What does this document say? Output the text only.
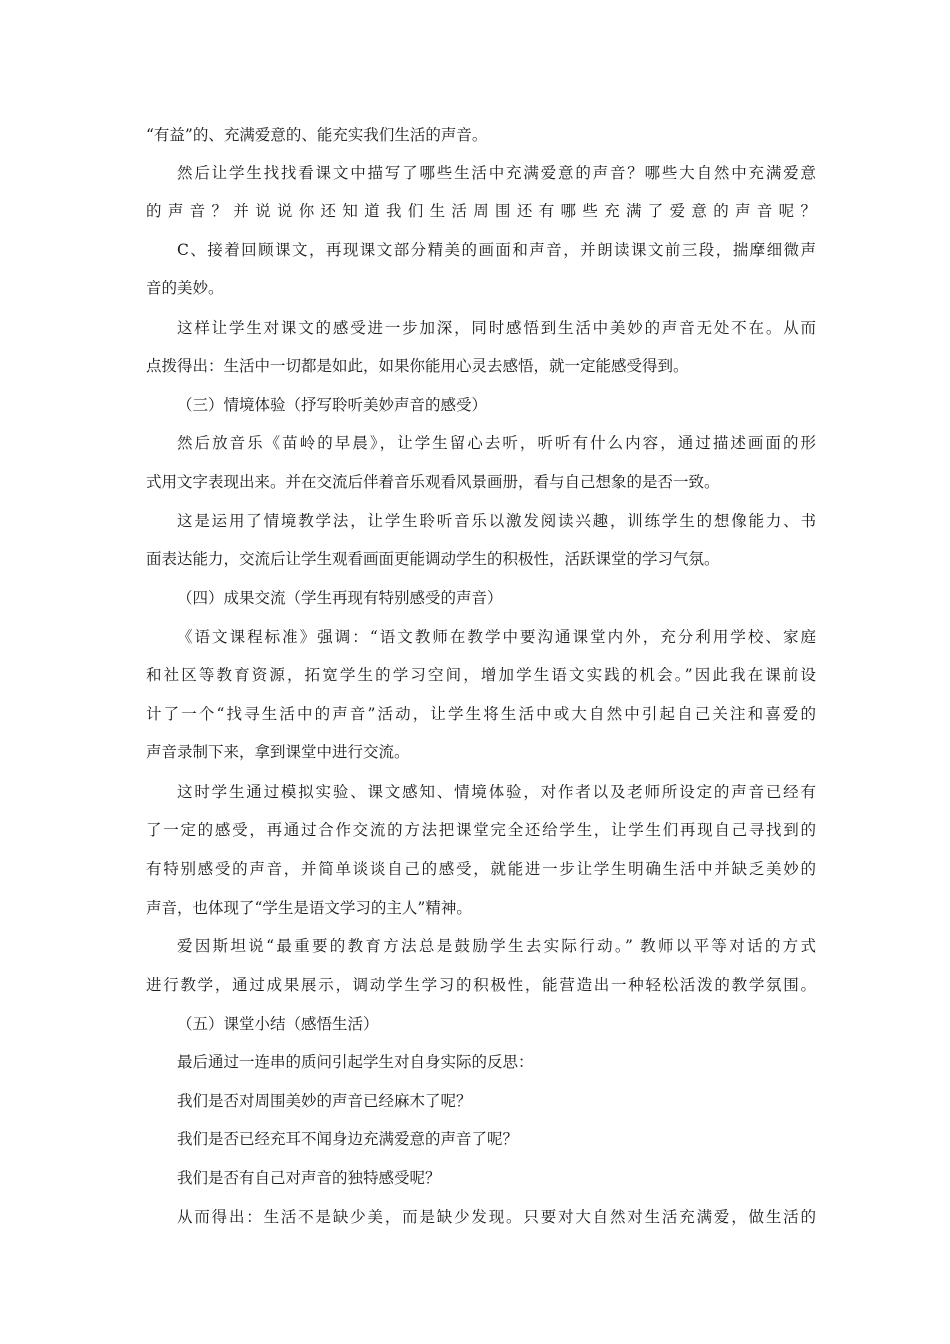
“有益”的、充满爱意的、能充实我们生活的声音。
然后让学生找找看课文中描写了哪些生活中充满爱意的声音？哪些大自然中充满爱意
的声音？并说说你还知道我们生活周围还有哪些充满了爱意的声音呢？
C、接着回顾课文，再现课文部分精美的画面和声音，并朗读课文前三段，揣摩细微声
音的美妙。
这样让学生对课文的感受进一步加深，同时感悟到生活中美妙的声音无处不在。从而
点拨得出：生活中一切都是如此，如果你能用心灵去感悟，就一定能感受得到。
（三）情境体验（抒写聆听美妙声音的感受）
然后放音乐《苗岭的早晨》，让学生留心去听，听听有什么内容，通过描述画面的形
式用文字表现出来。并在交流后伴着音乐观看风景画册，看与自己想象的是否一致。
这是运用了情境教学法，让学生聆听音乐以激发阅读兴趣，训练学生的想像能力、书
面表达能力，交流后让学生观看画面更能调动学生的积极性，活跃课堂的学习气氛。
（四）成果交流（学生再现有特别感受的声音）
《语文课程标准》强调：“语文教师在教学中要沟通课堂内外，充分利用学校、家庭
和社区等教育资源，拓宽学生的学习空间，增加学生语文实践的机会。”因此我在课前设
计了一个“找寻生活中的声音”活动，让学生将生活中或大自然中引起自己关注和喜爱的
声音录制下来，拿到课堂中进行交流。
这时学生通过模拟实验、课文感知、情境体验，对作者以及老师所设定的声音已经有
了一定的感受，再通过合作交流的方法把课堂完全还给学生，让学生们再现自己寻找到的
有特别感受的声音，并简单谈谈自己的感受，就能进一步让学生明确生活中并缺乏美妙的
声音，也体现了“学生是语文学习的主人”精神。
爱因斯坦说“最重要的教育方法总是鼓励学生去实际行动。” 教师以平等对话的方式
进行教学，通过成果展示，调动学生学习的积极性，能营造出一种轻松活泼的教学氛围。
（五）课堂小结（感悟生活）
最后通过一连串的质问引起学生对自身实际的反思：
我们是否对周围美妙的声音已经麻木了呢？
我们是否已经充耳不闻身边充满爱意的声音了呢？
我们是否有自己对声音的独特感受呢？
从而得出：生活不是缺少美，而是缺少发现。只要对大自然对生活充满爱，做生活的
